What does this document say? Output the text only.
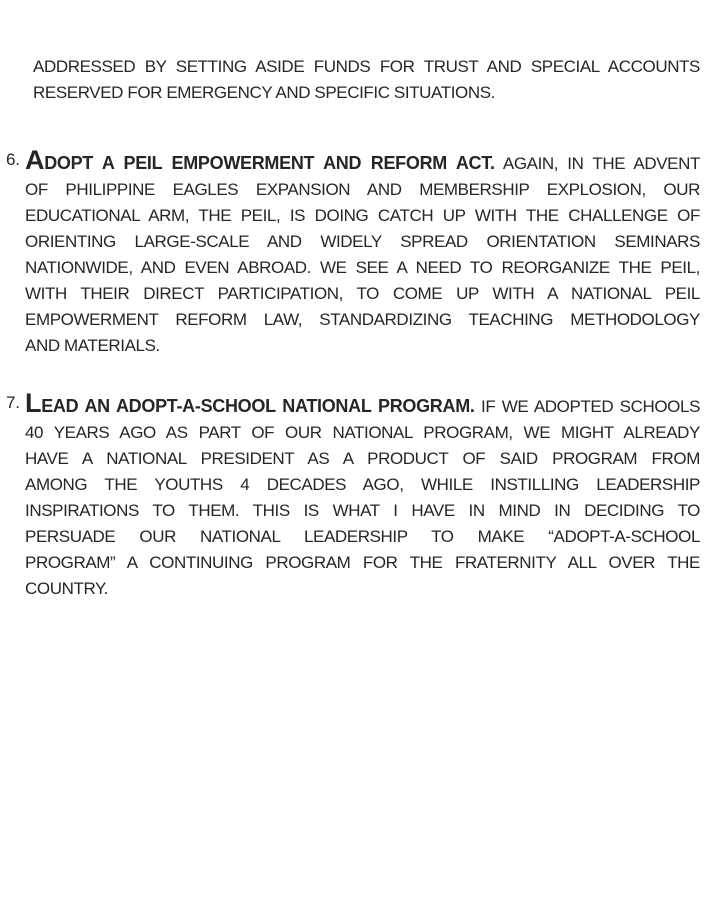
ADDRESSED BY SETTING ASIDE FUNDS FOR TRUST AND SPECIAL ACCOUNTS
RESERVED FOR EMERGENCY AND SPECIFIC SITUATIONS.
6. ADOPT A PEIL EMPOWERMENT AND REFORM ACT. AGAIN, IN THE ADVENT
OF PHILIPPINE EAGLES EXPANSION AND MEMBERSHIP EXPLOSION, OUR
EDUCATIONAL ARM, THE PEIL, IS DOING CATCH UP WITH THE CHALLENGE OF
ORIENTING LARGE-SCALE AND WIDELY SPREAD ORIENTATION SEMINARS
NATIONWIDE, AND EVEN ABROAD. WE SEE A NEED TO REORGANIZE THE PEIL,
WITH THEIR DIRECT PARTICIPATION, TO COME UP WITH A NATIONAL PEIL
EMPOWERMENT REFORM LAW, STANDARDIZING TEACHING METHODOLOGY
AND MATERIALS.
7. LEAD AN ADOPT-A-SCHOOL NATIONAL PROGRAM. IF WE ADOPTED SCHOOLS
40 YEARS AGO AS PART OF OUR NATIONAL PROGRAM, WE MIGHT ALREADY
HAVE A NATIONAL PRESIDENT AS A PRODUCT OF SAID PROGRAM FROM
AMONG THE YOUTHS 4 DECADES AGO, WHILE INSTILLING LEADERSHIP
INSPIRATIONS TO THEM. THIS IS WHAT I HAVE IN MIND IN DECIDING TO
PERSUADE OUR NATIONAL LEADERSHIP TO MAKE “ADOPT-A-SCHOOL
PROGRAM” A CONTINUING PROGRAM FOR THE FRATERNITY ALL OVER THE
COUNTRY.
